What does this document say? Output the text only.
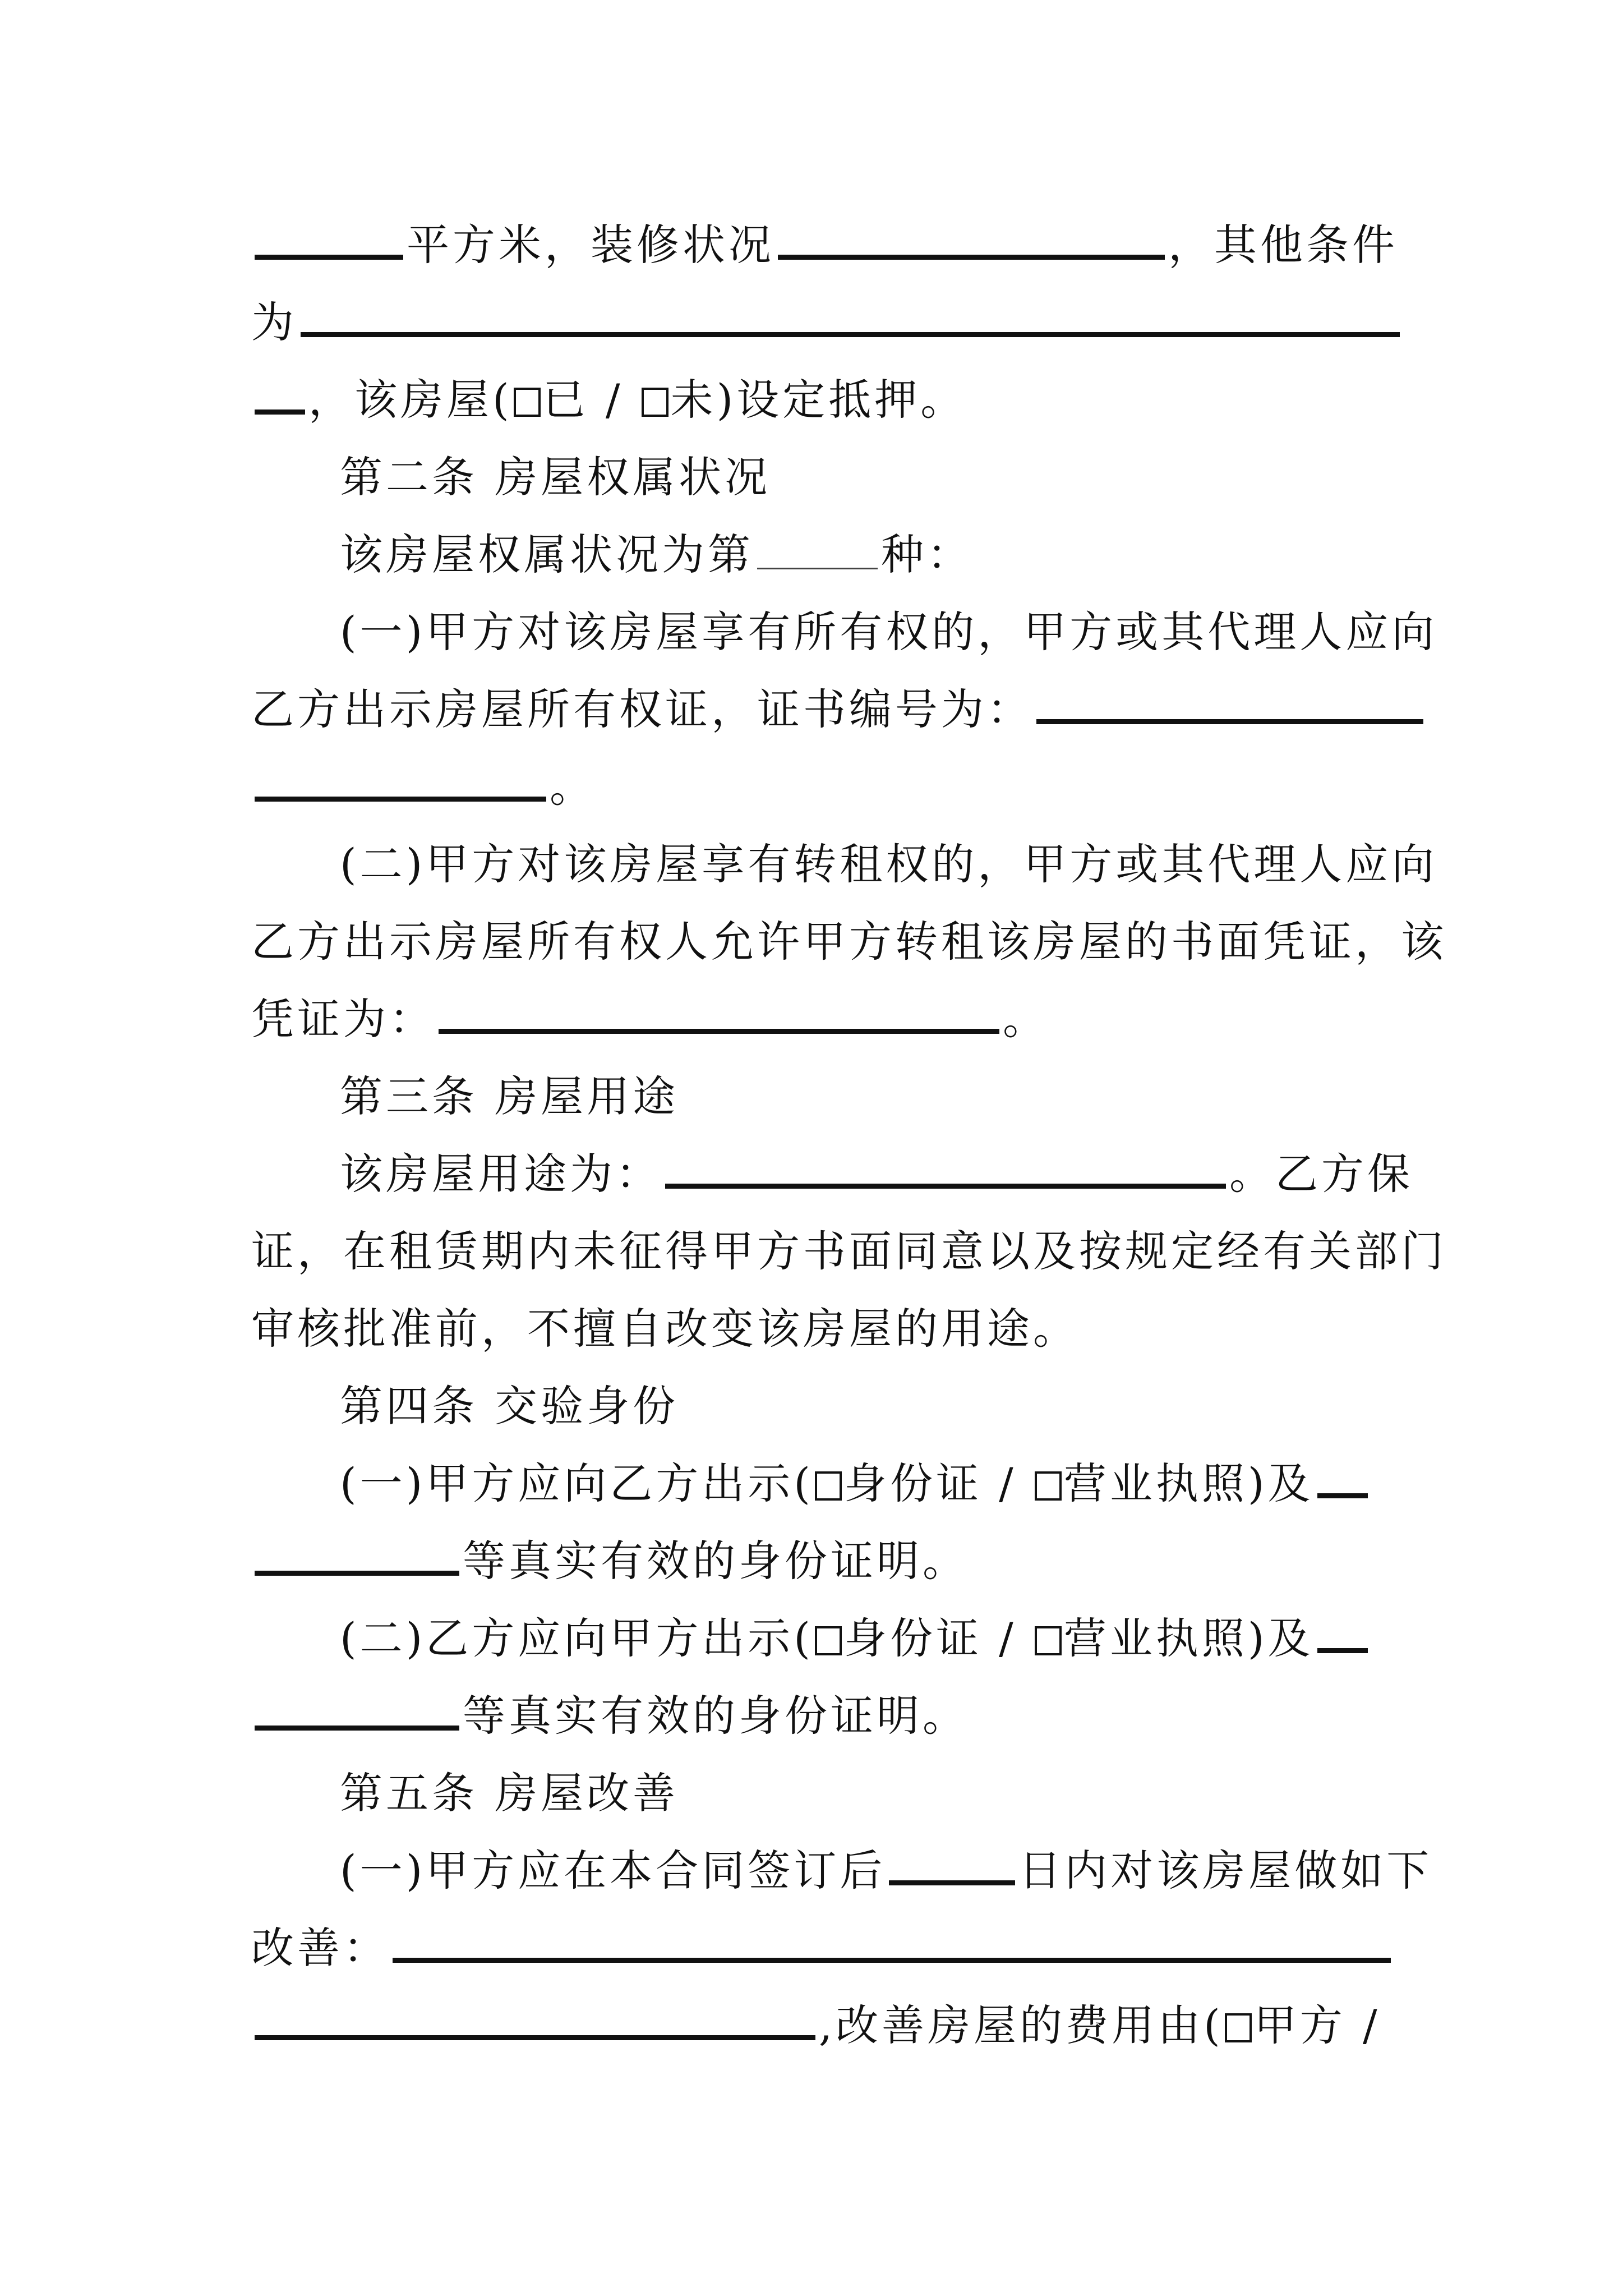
平方米，装修状况	，其他条件
为
，该房屋( 已 / 未)设定抵押。
第二条 房屋权属状况
该房屋权属状况为第	种：
(一)甲方对该房屋享有所有权的，甲方或其代理人应向
乙方出示房屋所有权证，证书编号为：
。
(二)甲方对该房屋享有转租权的，甲方或其代理人应向
乙方出示房屋所有权人允许甲方转租该房屋的书面凭证，该
凭证为：	。
第三条 房屋用途
该房屋用途为：	。乙方保
证，在租赁期内未征得甲方书面同意以及按规定经有关部门
审核批准前，不擅自改变该房屋的用途。
第四条 交验身份
(一)甲方应向乙方出示( 身份证 / 营业执照)及
等真实有效的身份证明。
(二)乙方应向甲方出示( 身份证 / 营业执照)及
等真实有效的身份证明。
第五条 房屋改善
(一)甲方应在本合同签订后	日内对该房屋做如下
改善：
,改善房屋的费用由( 甲方 /
